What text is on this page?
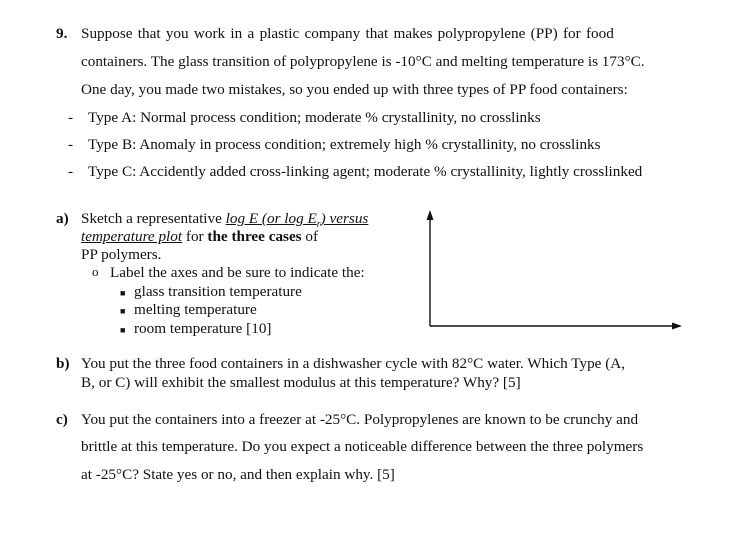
9. Suppose that you work in a plastic company that makes polypropylene (PP) for food
containers. The glass transition of polypropylene is -10°C and melting temperature is 173°C.
One day, you made two mistakes, so you ended up with three types of PP food containers:
- Type A: Normal process condition; moderate % crystallinity, no crosslinks
- Type B: Anomaly in process condition; extremely high % crystallinity, no crosslinks
- Type C: Accidently added cross-linking agent; moderate % crystallinity, lightly crosslinked
a) Sketch a representative log E (or $\log E_r$) versus
temperature plot for the three cases of
PP polymers.
o Label the axes and be sure to indicate the:
■ glass transition temperature
■ melting temperature
■ room temperature [10]
b) You put the three food containers in a dishwasher cycle with 82°C water. Which Type (A,
B, or C) will exhibit the smallest modulus at this temperature? Why? [5]
c) You put the containers into a freezer at -25°C. Polypropylenes are known to be crunchy and
brittle at this temperature. Do you expect a noticeable difference between the three polymers
at -25°C? State yes or no, and then explain why. [5]
